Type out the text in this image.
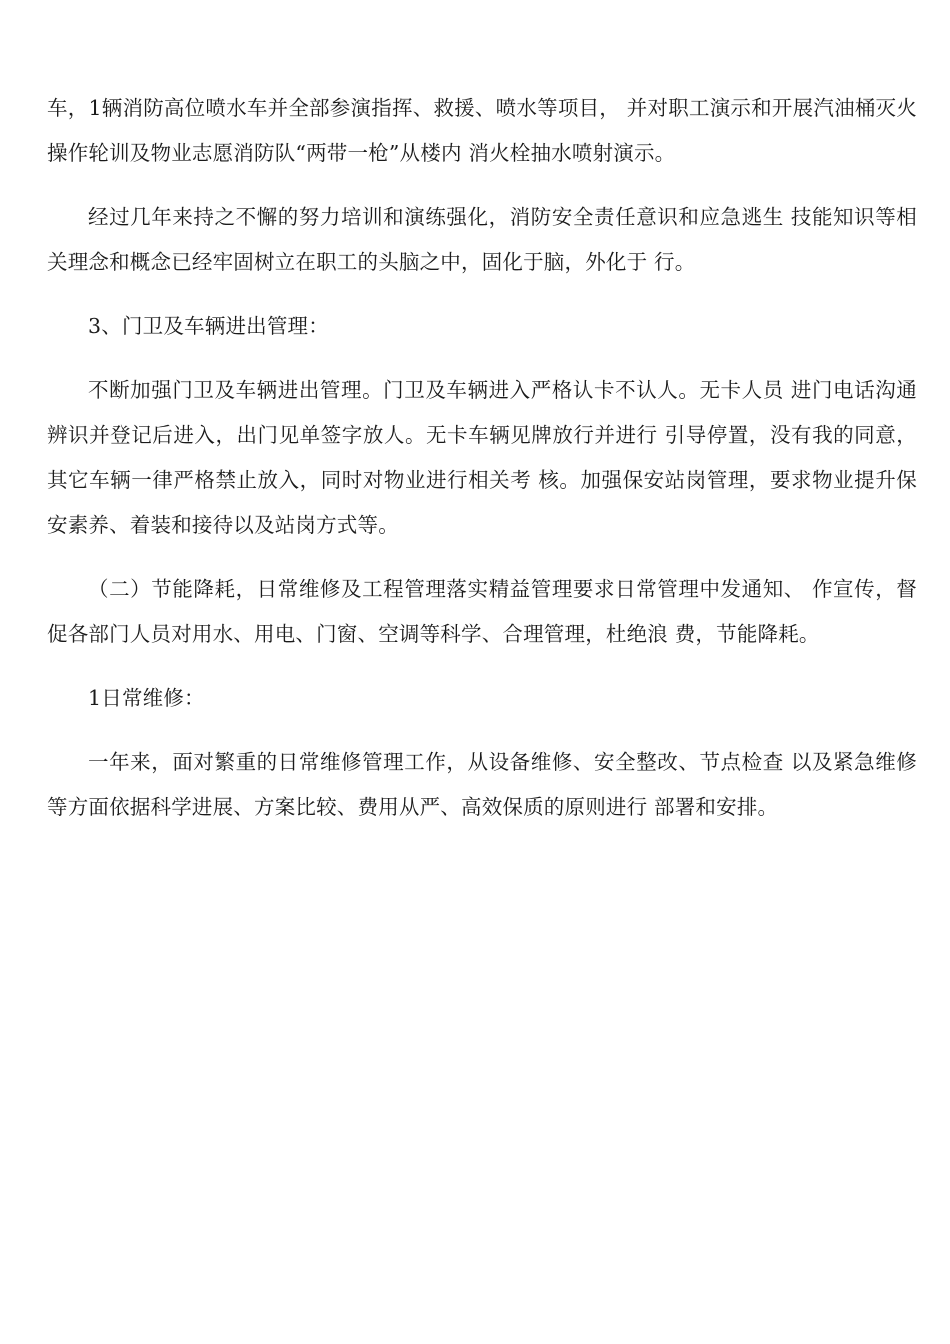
车，1辆消防高位喷水车并全部参演指挥、救援、喷水等项目， 并对职工演示和开展汽油桶灭火操作轮训及物业志愿消防队“两带一枪”从楼内 消火栓抽水喷射演示。

经过几年来持之不懈的努力培训和演练强化，消防安全责任意识和应急逃生 技能知识等相关理念和概念已经牢固树立在职工的头脑之中，固化于脑，外化于 行。

3、门卫及车辆进出管理：

不断加强门卫及车辆进出管理。门卫及车辆进入严格认卡不认人。无卡人员 进门电话沟通辨识并登记后进入，出门见单签字放人。无卡车辆见牌放行并进行 引导停置，没有我的同意，其它车辆一律严格禁止放入，同时对物业进行相关考 核。加强保安站岗管理，要求物业提升保安素养、着装和接待以及站岗方式等。

（二）节能降耗，日常维修及工程管理落实精益管理要求日常管理中发通知、 作宣传，督促各部门人员对用水、用电、门窗、空调等科学、合理管理，杜绝浪 费，节能降耗。

1日常维修：

一年来，面对繁重的日常维修管理工作，从设备维修、安全整改、节点检查 以及紧急维修等方面依据科学进展、方案比较、费用从严、高效保质的原则进行 部署和安排。
